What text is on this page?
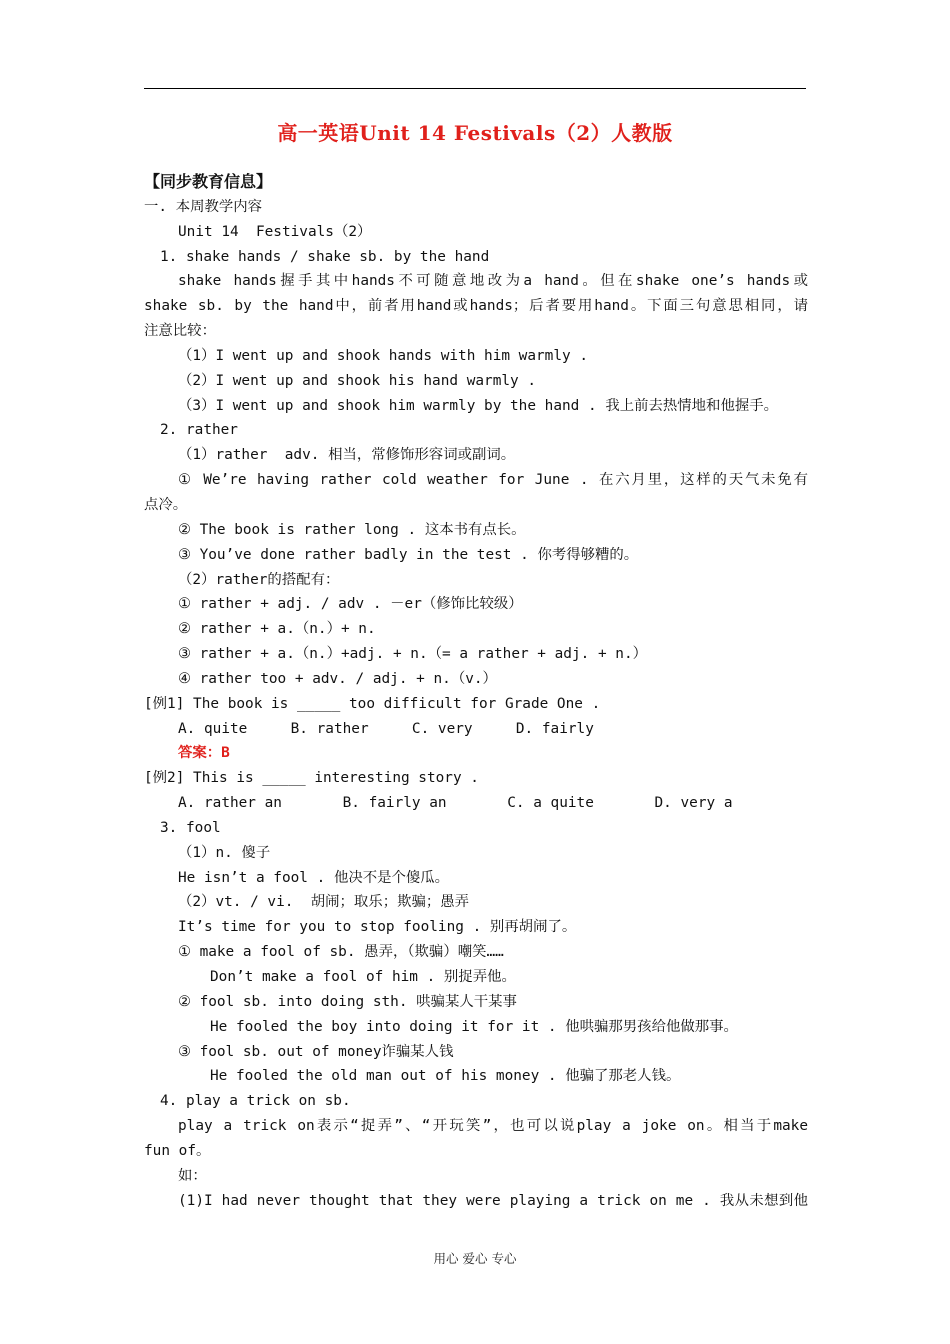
高一英语Unit 14 Festivals（2）人教版
【同步教育信息】
一. 本周教学内容
Unit 14  Festivals（2）
1. shake hands / shake sb. by the hand
shake hands握手其中hands不可随意地改为a hand。但在shake one’s hands或
shake sb. by the hand中，前者用hand或hands；后者要用hand。下面三句意思相同，请
注意比较：
（1）I went up and shook hands with him warmly .
（2）I went up and shook his hand warmly .
（3）I went up and shook him warmly by the hand . 我上前去热情地和他握手。
2. rather
（1）rather  adv. 相当，常修饰形容词或副词。
① We’re having rather cold weather for June . 在六月里，这样的天气未免有
点冷。
② The book is rather long . 这本书有点长。
③ You’ve done rather badly in the test . 你考得够糟的。
（2）rather的搭配有：
① rather + adj. / adv . －er（修饰比较级）
② rather + a.（n.）+ n.
③ rather + a.（n.）+adj. + n.（= a rather + adj. + n.）
④ rather too + adv. / adj. + n.（v.）
[例1] The book is _____ too difficult for Grade One .
A. quite     B. rather     C. very     D. fairly
答案：B
[例2] This is _____ interesting story .
A. rather an       B. fairly an       C. a quite       D. very a
3. fool
（1）n. 傻子
He isn’t a fool . 他决不是个傻瓜。
（2）vt. / vi.  胡闹；取乐；欺骗；愚弄
It’s time for you to stop fooling . 别再胡闹了。
① make a fool of sb. 愚弄，（欺骗）嘲笑……
Don’t make a fool of him . 别捉弄他。
② fool sb. into doing sth. 哄骗某人干某事
He fooled the boy into doing it for it . 他哄骗那男孩给他做那事。
③ fool sb. out of money诈骗某人钱
He fooled the old man out of his money . 他骗了那老人钱。
4. play a trick on sb.
play a trick on表示“捉弄”、“开玩笑”，也可以说play a joke on。相当于make
fun of。
如：
(1)I had never thought that they were playing a trick on me . 我从未想到他
用心 爱心 专心
